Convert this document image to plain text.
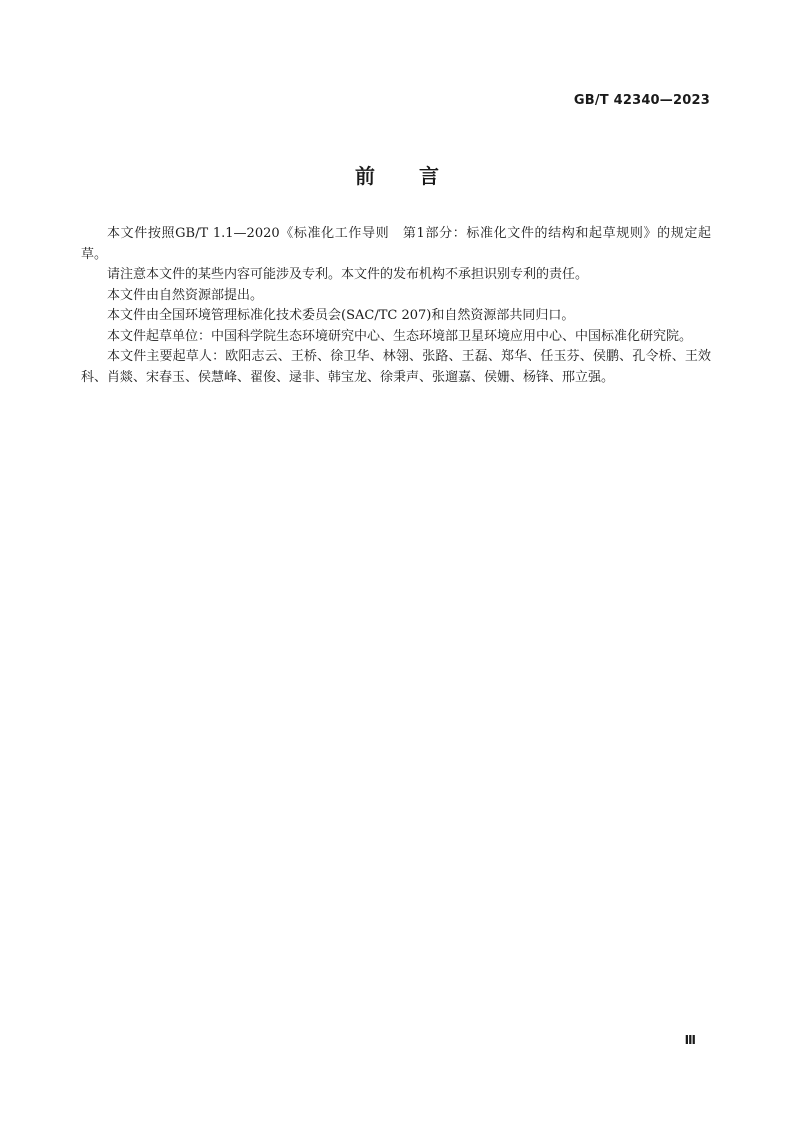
GB/T 42340—2023
前言

本文件按照GB/T 1.1—2020《标准化工作导则　第1部分：标准化文件的结构和起草规则》的规定起草。

请注意本文件的某些内容可能涉及专利。本文件的发布机构不承担识别专利的责任。

本文件由自然资源部提出。

本文件由全国环境管理标准化技术委员会(SAC/TC 207)和自然资源部共同归口。

本文件起草单位：中国科学院生态环境研究中心、生态环境部卫星环境应用中心、中国标准化研究院。

本文件主要起草人：欧阳志云、王桥、徐卫华、林翎、张路、王磊、郑华、任玉芬、侯鹏、孔令桥、王效科、肖燚、宋春玉、侯慧峰、翟俊、逯非、韩宝龙、徐秉声、张遛嘉、侯姗、杨锋、邢立强。

Ⅲ
